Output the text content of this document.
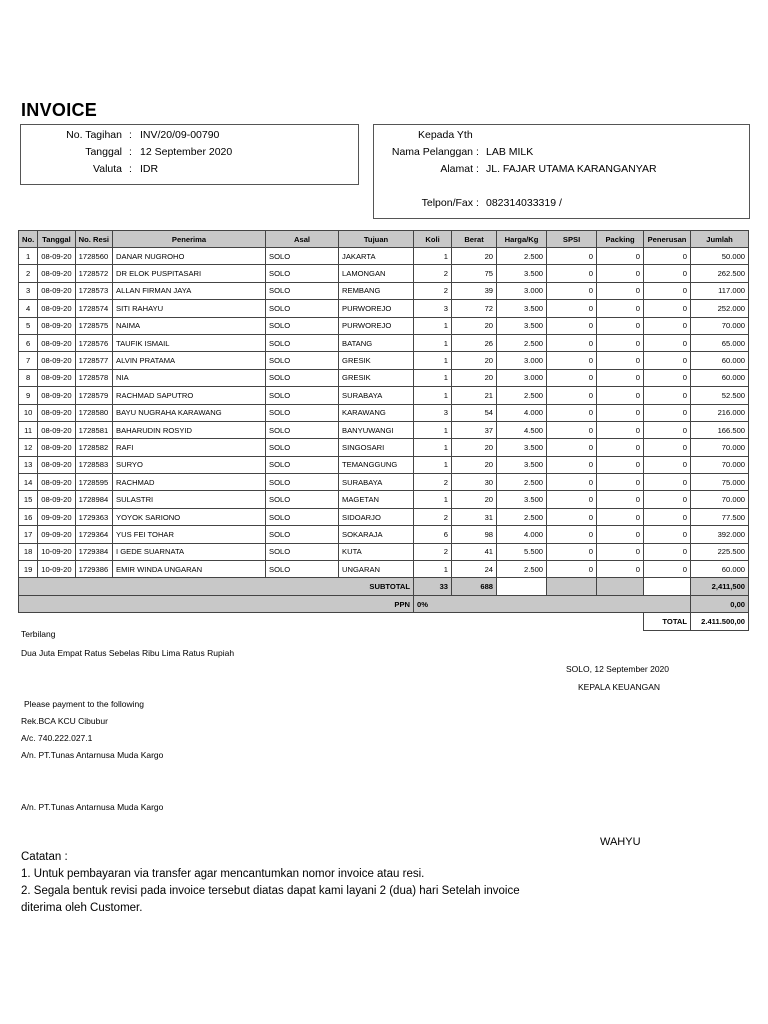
INVOICE
No. Tagihan : INV/20/09-00790
Tanggal : 12 September 2020
Valuta : IDR
Kepada Yth
Nama Pelanggan : LAB MILK
Alamat : JL. FAJAR UTAMA KARANGANYAR
Telpon/Fax : 082314033319 /
No.	Tanggal	No. Resi	Penerima	Asal	Tujuan	Koli	Berat	Harga/Kg	SPSI	Packing	Penerusan	Jumlah
1	08-09-20	1728560	DANAR NUGROHO	SOLO	JAKARTA	1	20	2.500	0	0	0	50.000
2	08-09-20	1728572	DR ELOK PUSPITASARI	SOLO	LAMONGAN	2	75	3.500	0	0	0	262.500
3	08-09-20	1728573	ALLAN FIRMAN JAYA	SOLO	REMBANG	2	39	3.000	0	0	0	117.000
4	08-09-20	1728574	SITI RAHAYU	SOLO	PURWOREJO	3	72	3.500	0	0	0	252.000
5	08-09-20	1728575	NAIMA	SOLO	PURWOREJO	1	20	3.500	0	0	0	70.000
6	08-09-20	1728576	TAUFIK ISMAIL	SOLO	BATANG	1	26	2.500	0	0	0	65.000
7	08-09-20	1728577	ALVIN PRATAMA	SOLO	GRESIK	1	20	3.000	0	0	0	60.000
8	08-09-20	1728578	NIA	SOLO	GRESIK	1	20	3.000	0	0	0	60.000
9	08-09-20	1728579	RACHMAD SAPUTRO	SOLO	SURABAYA	1	21	2.500	0	0	0	52.500
10	08-09-20	1728580	BAYU NUGRAHA KARAWANG	SOLO	KARAWANG	3	54	4.000	0	0	0	216.000
11	08-09-20	1728581	BAHARUDIN ROSYID	SOLO	BANYUWANGI	1	37	4.500	0	0	0	166.500
12	08-09-20	1728582	RAFI	SOLO	SINGOSARI	1	20	3.500	0	0	0	70.000
13	08-09-20	1728583	SURYO	SOLO	TEMANGGUNG	1	20	3.500	0	0	0	70.000
14	08-09-20	1728595	RACHMAD	SOLO	SURABAYA	2	30	2.500	0	0	0	75.000
15	08-09-20	1728984	SULASTRI	SOLO	MAGETAN	1	20	3.500	0	0	0	70.000
16	09-09-20	1729363	YOYOK SARIONO	SOLO	SIDOARJO	2	31	2.500	0	0	0	77.500
17	09-09-20	1729364	YUS FEI TOHAR	SOLO	SOKARAJA	6	98	4.000	0	0	0	392.000
18	10-09-20	1729384	I GEDE SUARNATA	SOLO	KUTA	2	41	5.500	0	0	0	225.500
19	10-09-20	1729386	EMIR WINDA UNGARAN	SOLO	UNGARAN	1	24	2.500	0	0	0	60.000
SUBTOTAL						33	688					2,411,500
PPN						0%						0,00
											TOTAL	2.411.500,00
Terbilang
Dua Juta Empat Ratus Sebelas Ribu Lima Ratus Rupiah
SOLO, 12 September 2020
KEPALA KEUANGAN
WAHYU
Please payment to the following
Rek.BCA KCU Cibubur
A/c. 740.222.027.1
A/n. PT.Tunas Antarnusa Muda Kargo
A/n. PT.Tunas Antarnusa Muda Kargo
Catatan :
1. Untuk pembayaran via transfer agar mencantumkan nomor invoice atau resi.
2. Segala bentuk revisi pada invoice tersebut diatas dapat kami layani 2 (dua) hari Setelah invoice
diterima oleh Customer.
